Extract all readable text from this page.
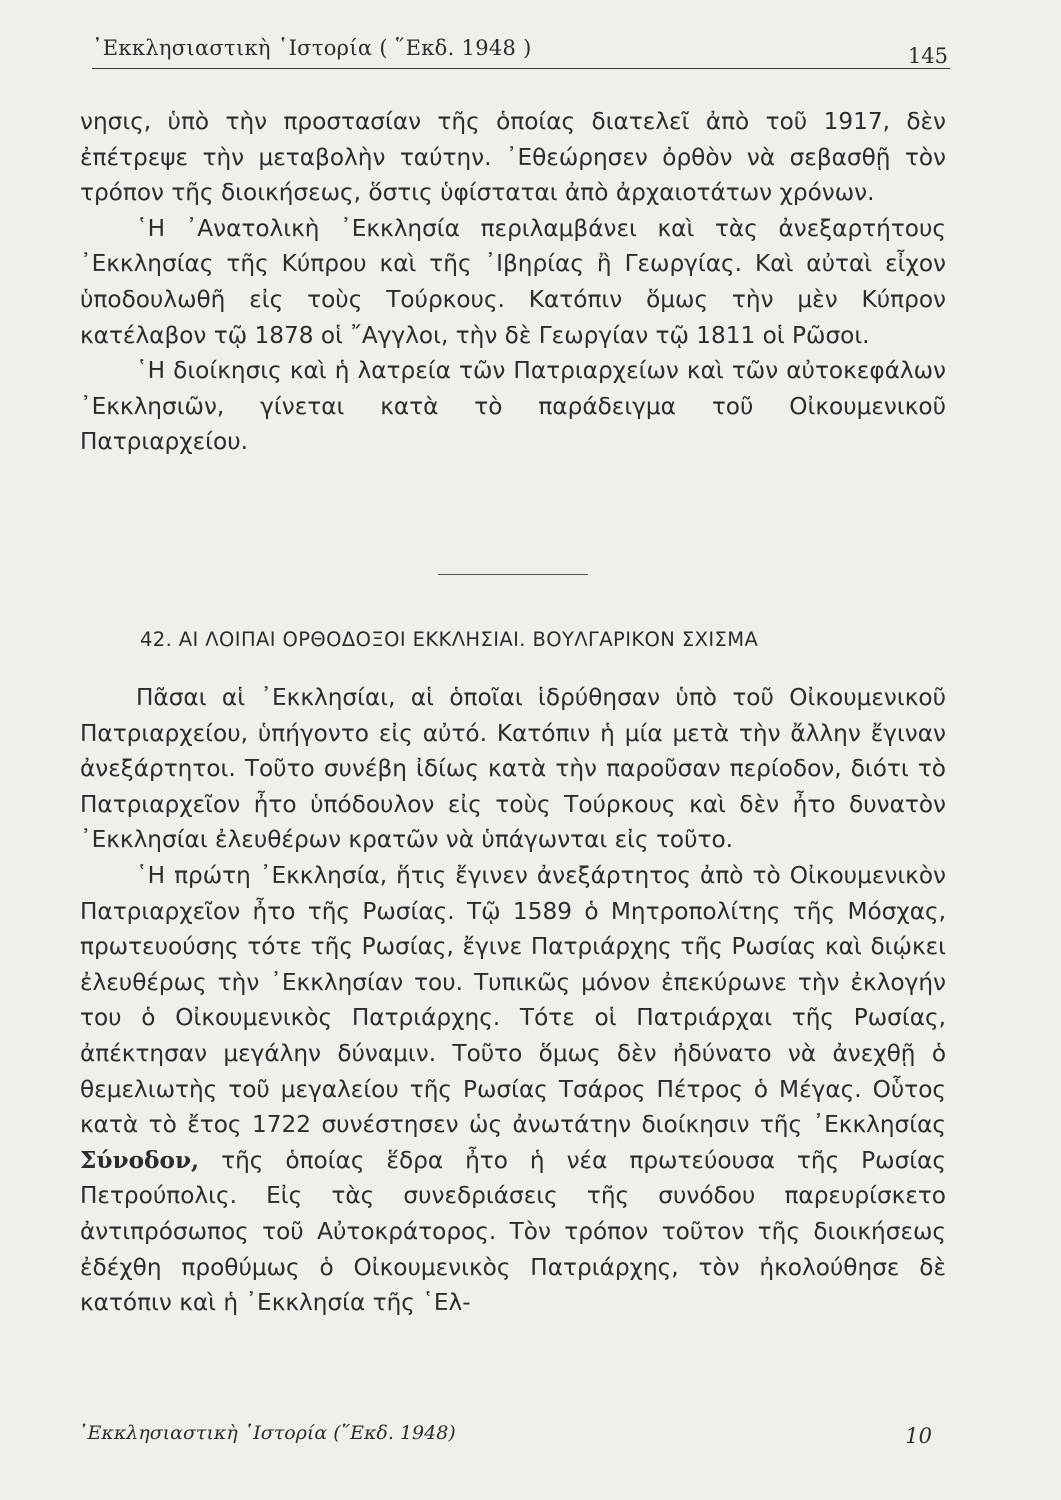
᾿Εκκλησιαστικὴ ῾Ιστορία ( ῞Εκδ. 1948 )	145

νησις, ὑπὸ τὴν προστασίαν τῆς ὁποίας διατελεῖ ἀπὸ τοῦ 1917, δὲν ἐπέτρεψε τὴν μεταβολὴν ταύτην. ᾿Εθεώρησεν ὀρθὸν νὰ σεβασθῇ τὸν τρόπον τῆς διοικήσεως, ὅστις ὑφίσταται ἀπὸ ἀρχαιοτάτων χρόνων.

῾Η ᾿Ανατολικὴ ᾿Εκκλησία περιλαμβάνει καὶ τὰς ἀνεξαρτήτους ᾿Εκκλησίας τῆς Κύπρου καὶ τῆς ᾿Ιβηρίας ἢ Γεωργίας. Καὶ αὐταὶ εἶχον ὑποδουλωθῆ εἰς τοὺς Τούρκους. Κατόπιν ὅμως τὴν μὲν Κύπρον κατέλαβον τῷ 1878 οἱ ῎Αγγλοι, τὴν δὲ Γεωργίαν τῷ 1811 οἱ Ρῶσοι.

῾Η διοίκησις καὶ ἡ λατρεία τῶν Πατριαρχείων καὶ τῶν αὐτοκεφάλων ᾿Εκκλησιῶν, γίνεται κατὰ τὸ παράδειγμα τοῦ Οἰκουμενικοῦ Πατριαρχείου.

42. ΑΙ ΛΟΙΠΑΙ ΟΡΘΟΔΟΞΟΙ ΕΚΚΛΗΣΙΑΙ. ΒΟΥΛΓΑΡΙΚΟΝ ΣΧΙΣΜΑ

Πᾶσαι αἱ ᾿Εκκλησίαι, αἱ ὁποῖαι ἱδρύθησαν ὑπὸ τοῦ Οἰκουμενικοῦ Πατριαρχείου, ὑπήγοντο εἰς αὐτό. Κατόπιν ἡ μία μετὰ τὴν ἄλλην ἔγιναν ἀνεξάρτητοι. Τοῦτο συνέβη ἰδίως κατὰ τὴν παροῦσαν περίοδον, διότι τὸ Πατριαρχεῖον ἦτο ὑπόδουλον εἰς τοὺς Τούρκους καὶ δὲν ἦτο δυνατὸν ᾿Εκκλησίαι ἐλευθέρων κρατῶν νὰ ὑπάγωνται εἰς τοῦτο.

῾Η πρώτη ᾿Εκκλησία, ἥτις ἔγινεν ἀνεξάρτητος ἀπὸ τὸ Οἰκουμενικὸν Πατριαρχεῖον ἦτο τῆς Ρωσίας. Τῷ 1589 ὁ Μητροπολίτης τῆς Μόσχας, πρωτευούσης τότε τῆς Ρωσίας, ἔγινε Πατριάρχης τῆς Ρωσίας καὶ διῴκει ἐλευθέρως τὴν ᾿Εκκλησίαν του. Τυπικῶς μόνον ἐπεκύρωνε τὴν ἐκλογήν του ὁ Οἰκουμενικὸς Πατριάρχης. Τότε οἱ Πατριάρχαι τῆς Ρωσίας, ἀπέκτησαν μεγάλην δύναμιν. Τοῦτο ὅμως δὲν ἠδύνατο νὰ ἀνεχθῇ ὁ θεμελιωτὴς τοῦ μεγαλείου τῆς Ρωσίας Τσάρος Πέτρος ὁ Μέγας. Οὗτος κατὰ τὸ ἔτος 1722 συνέστησεν ὡς ἀνωτάτην διοίκησιν τῆς ᾿Εκκλησίας Σύνοδον, τῆς ὁποίας ἕδρα ἦτο ἡ νέα πρωτεύουσα τῆς Ρωσίας Πετρούπολις. Εἰς τὰς συνεδριάσεις τῆς συνόδου παρευρίσκετο ἀντιπρόσωπος τοῦ Αὐτοκράτορος. Τὸν τρόπον τοῦτον τῆς διοικήσεως ἐδέχθη προθύμως ὁ Οἰκουμενικὸς Πατριάρχης, τὸν ἠκολούθησε δὲ κατόπιν καὶ ἡ ᾿Εκκλησία τῆς ῾Ελ-

᾿Εκκλησιαστικὴ ῾Ιστορία (῞Εκδ. 1948)	10
